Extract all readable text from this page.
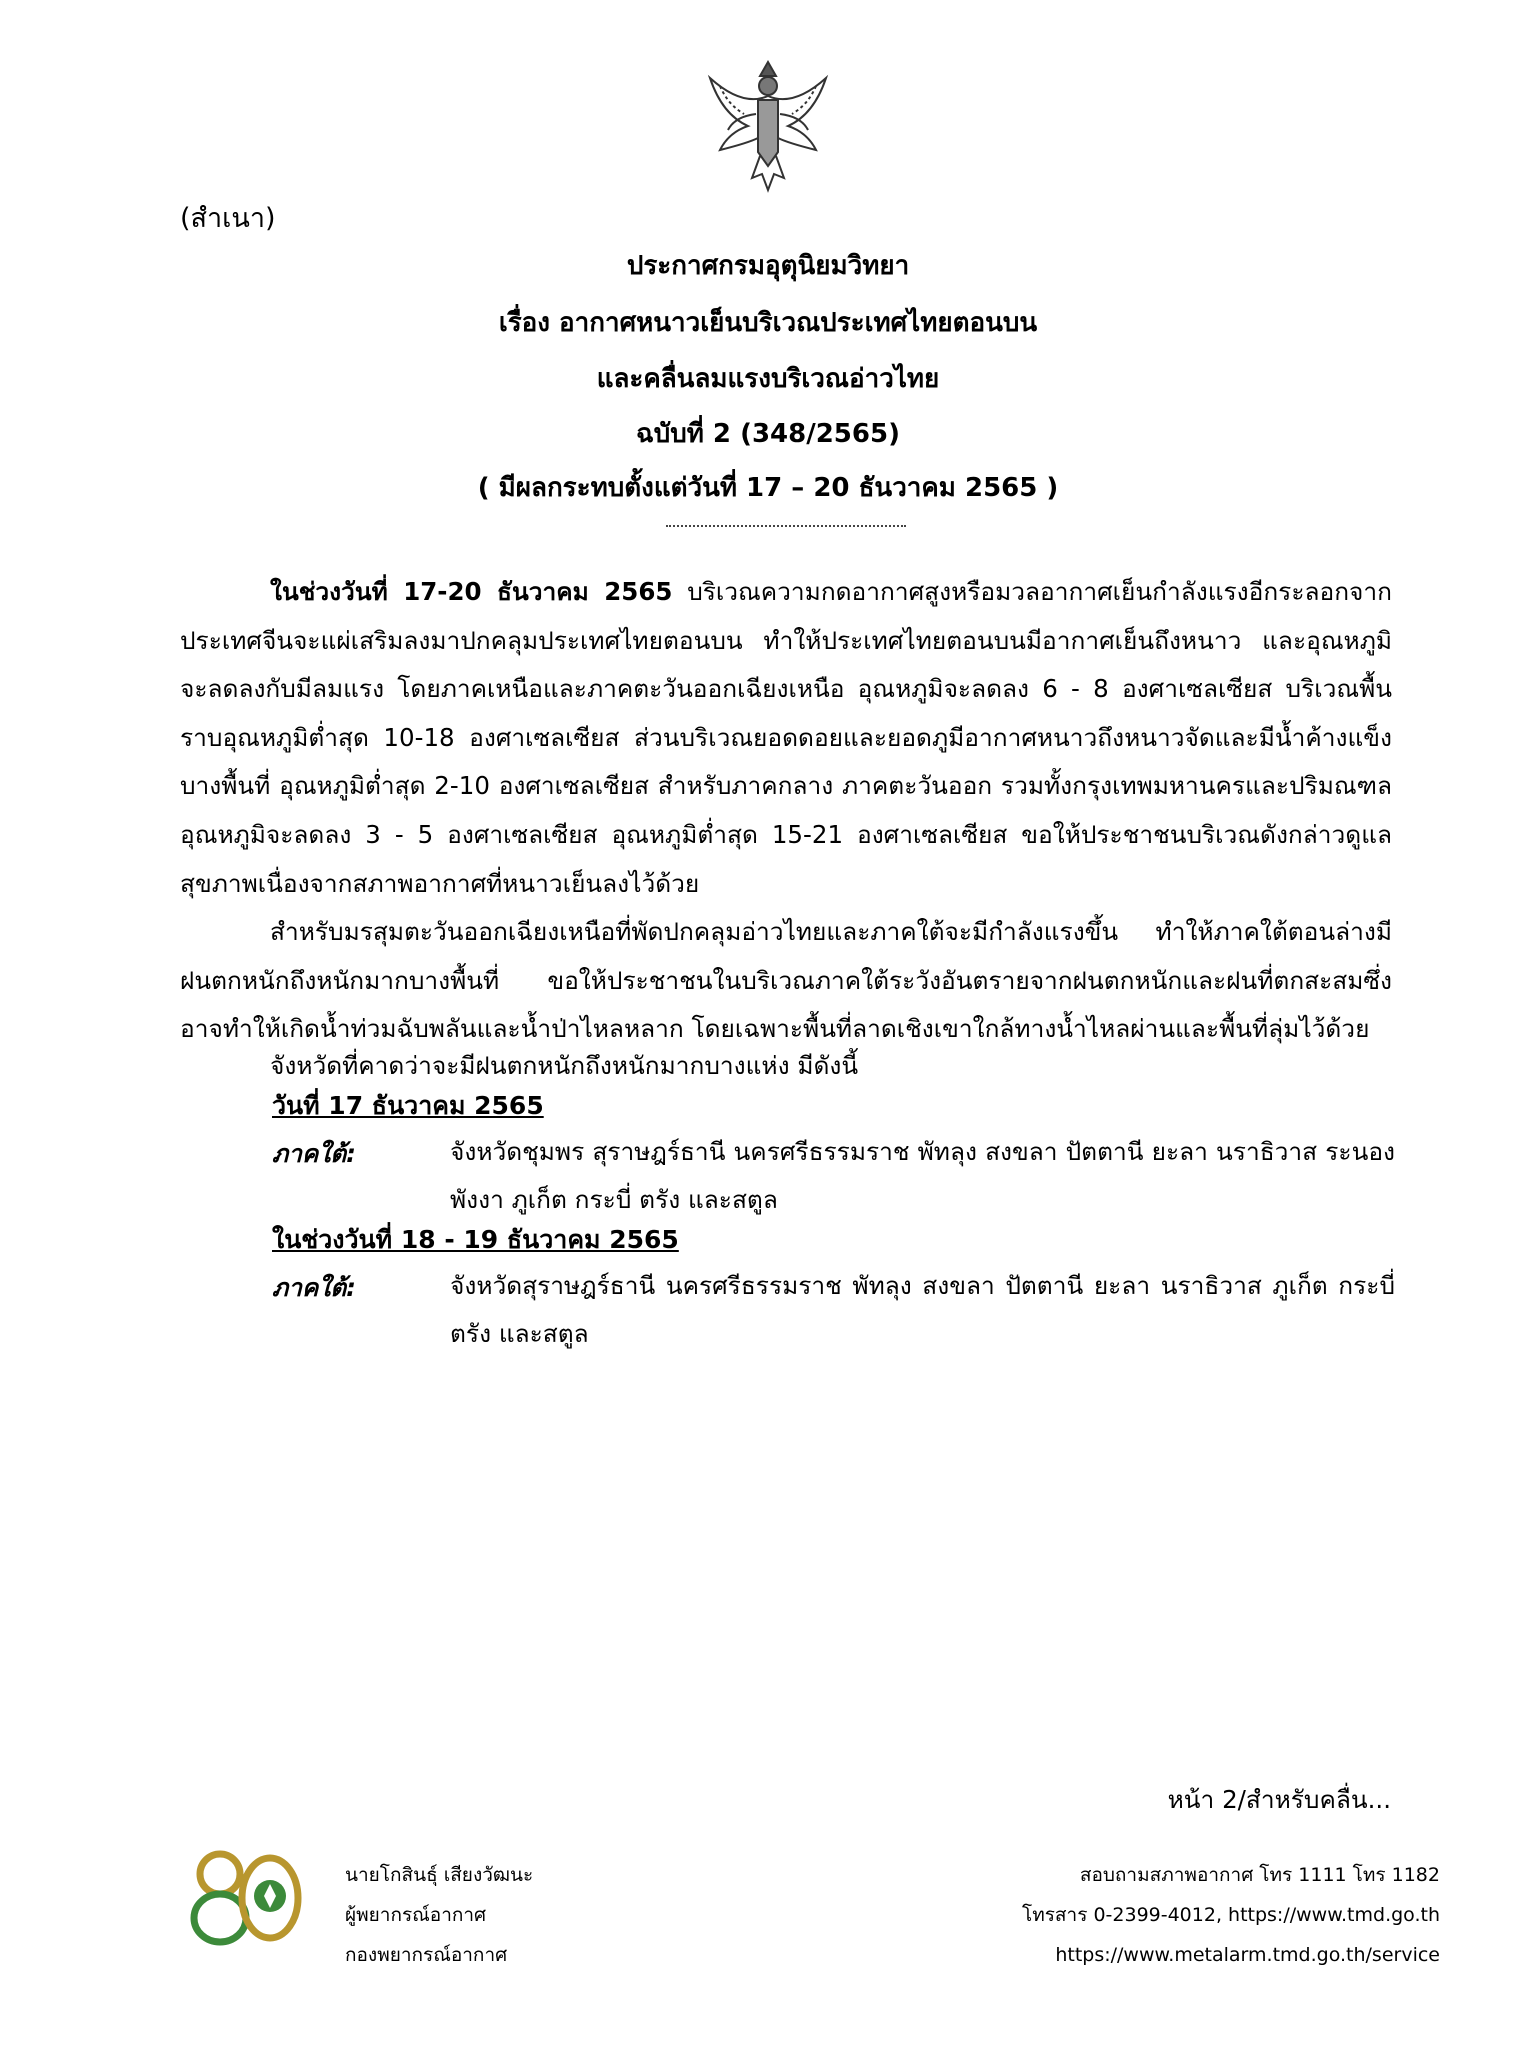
(สำเนา)
ประกาศกรมอุตุนิยมวิทยา
เรื่อง อากาศหนาวเย็นบริเวณประเทศไทยตอนบน
และคลื่นลมแรงบริเวณอ่าวไทย
ฉบับที่ 2 (348/2565)
( มีผลกระทบตั้งแต่วันที่ 17 – 20 ธันวาคม 2565 )

ในช่วงวันที่ 17-20 ธันวาคม 2565 บริเวณความกดอากาศสูงหรือมวลอากาศเย็นกำลังแรงอีกระลอกจากประเทศจีนจะแผ่เสริมลงมาปกคลุมประเทศไทยตอนบน ทำให้ประเทศไทยตอนบนมีอากาศเย็นถึงหนาว และอุณหภูมิจะลดลงกับมีลมแรง โดยภาคเหนือและภาคตะวันออกเฉียงเหนือ อุณหภูมิจะลดลง 6 - 8 องศาเซลเซียส บริเวณพื้นราบอุณหภูมิต่ำสุด 10-18 องศาเซลเซียส ส่วนบริเวณยอดดอยและยอดภูมีอากาศหนาวถึงหนาวจัดและมีน้ำค้างแข็งบางพื้นที่ อุณหภูมิต่ำสุด 2-10 องศาเซลเซียส สำหรับภาคกลาง ภาคตะวันออก รวมทั้งกรุงเทพมหานครและปริมณฑล อุณหภูมิจะลดลง 3 - 5 องศาเซลเซียส อุณหภูมิต่ำสุด 15-21 องศาเซลเซียส ขอให้ประชาชนบริเวณดังกล่าวดูแลสุขภาพเนื่องจากสภาพอากาศที่หนาวเย็นลงไว้ด้วย

สำหรับมรสุมตะวันออกเฉียงเหนือที่พัดปกคลุมอ่าวไทยและภาคใต้จะมีกำลังแรงขึ้น ทำให้ภาคใต้ตอนล่างมีฝนตกหนักถึงหนักมากบางพื้นที่ ขอให้ประชาชนในบริเวณภาคใต้ระวังอันตรายจากฝนตกหนักและฝนที่ตกสะสมซึ่งอาจทำให้เกิดน้ำท่วมฉับพลันและน้ำป่าไหลหลาก โดยเฉพาะพื้นที่ลาดเชิงเขาใกล้ทางน้ำไหลผ่านและพื้นที่ลุ่มไว้ด้วย

จังหวัดที่คาดว่าจะมีฝนตกหนักถึงหนักมากบางแห่ง มีดังนี้

วันที่ 17 ธันวาคม 2565
ภาคใต้:	จังหวัดชุมพร สุราษฎร์ธานี นครศรีธรรมราช พัทลุง สงขลา ปัตตานี ยะลา นราธิวาส ระนอง พังงา ภูเก็ต กระบี่ ตรัง และสตูล
ในช่วงวันที่ 18 - 19 ธันวาคม 2565
ภาคใต้:	จังหวัดสุราษฎร์ธานี นครศรีธรรมราช พัทลุง สงขลา ปัตตานี ยะลา นราธิวาส ภูเก็ต กระบี่ ตรัง และสตูล
หน้า 2/สำหรับคลื่น...
นายโกสินธุ์ เสียงวัฒนะ
ผู้พยากรณ์อากาศ
กองพยากรณ์อากาศ
สอบถามสภาพอากาศ โทร 1111 โทร 1182
โทรสาร 0-2399-4012, https://www.tmd.go.th
https://www.metalarm.tmd.go.th/service
